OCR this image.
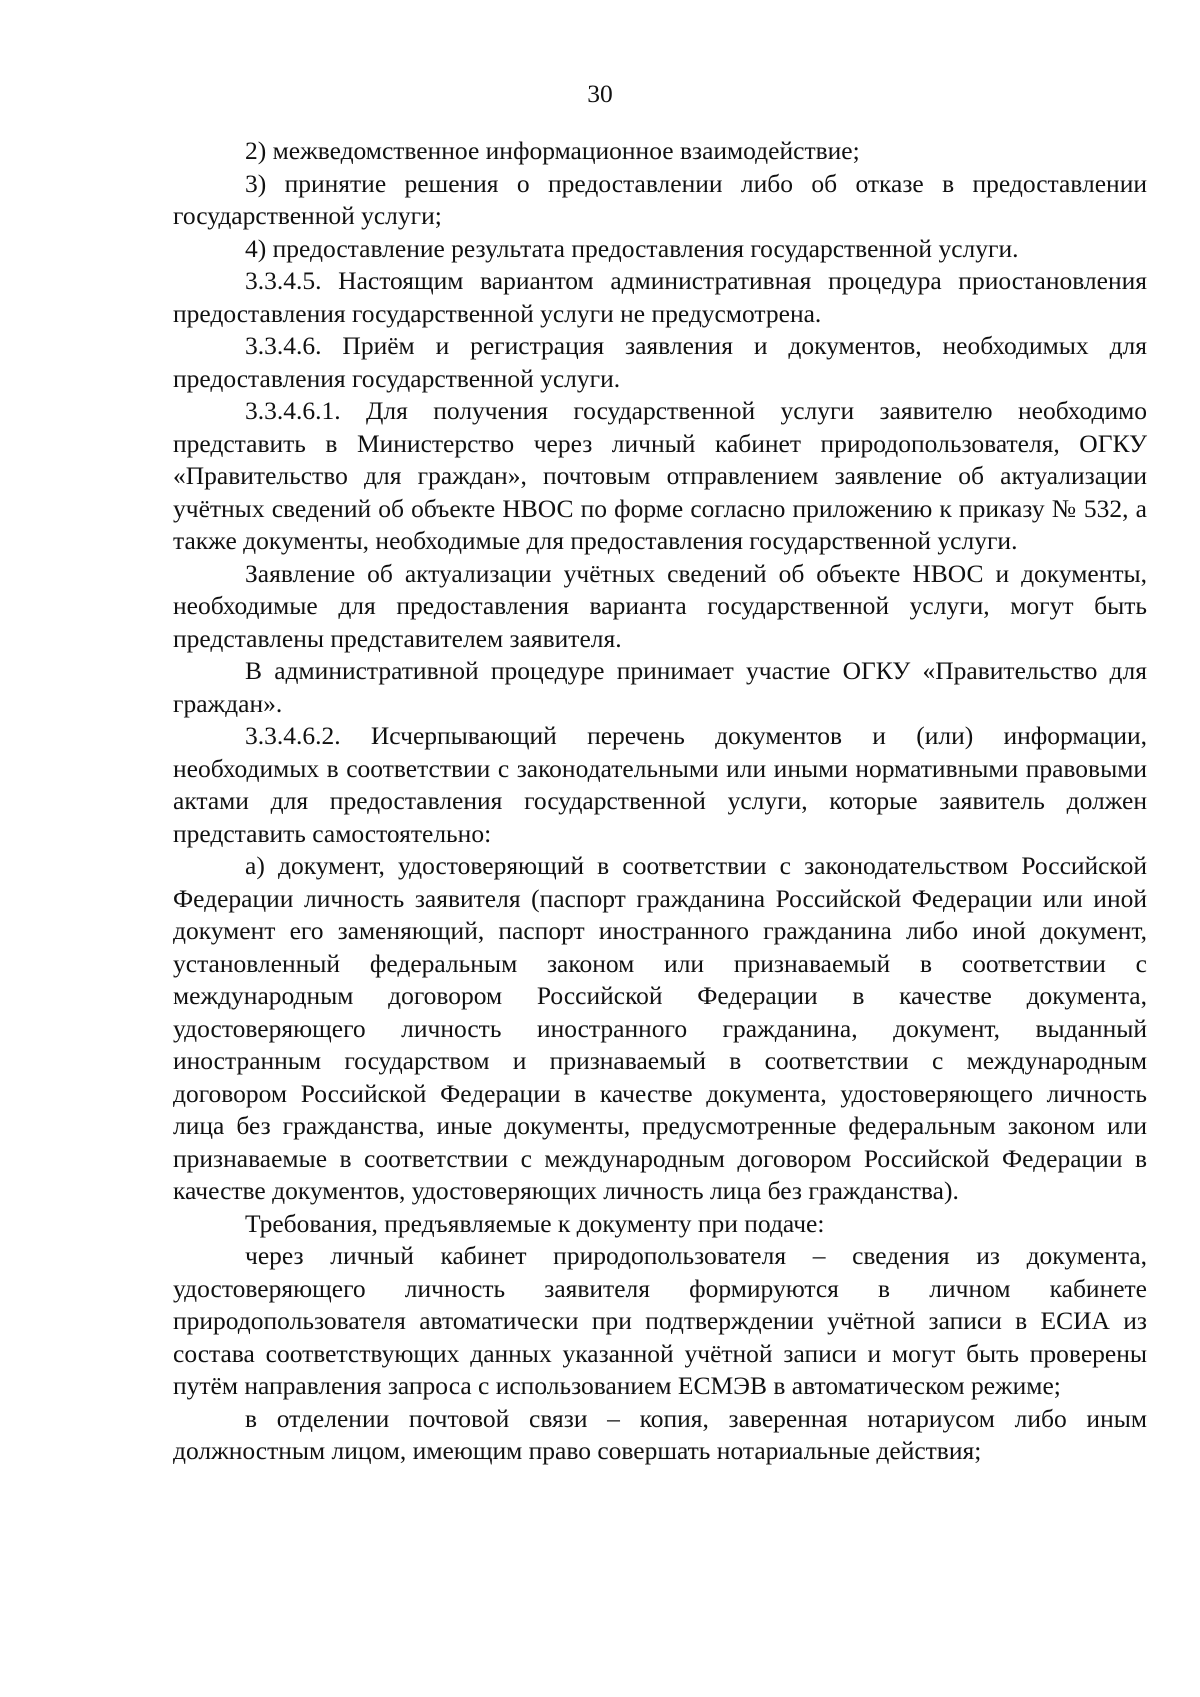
30

2) межведомственное информационное взаимодействие;

3) принятие решения о предоставлении либо об отказе в предоставлении государственной услуги;

4) предоставление результата предоставления государственной услуги.

3.3.4.5. Настоящим вариантом административная процедура приостановления предоставления государственной услуги не предусмотрена.

3.3.4.6. Приём и регистрация заявления и документов, необходимых для предоставления государственной услуги.

3.3.4.6.1. Для получения государственной услуги заявителю необходимо представить в Министерство через личный кабинет природопользователя, ОГКУ «Правительство для граждан», почтовым отправлением заявление об актуализации учётных сведений об объекте НВОС по форме согласно приложению к приказу № 532, а также документы, необходимые для предоставления государственной услуги.

Заявление об актуализации учётных сведений об объекте НВОС и документы, необходимые для предоставления варианта государственной услуги, могут быть представлены представителем заявителя.

В административной процедуре принимает участие ОГКУ «Правительство для граждан».

3.3.4.6.2. Исчерпывающий перечень документов и (или) информации, необходимых в соответствии с законодательными или иными нормативными правовыми актами для предоставления государственной услуги, которые заявитель должен представить самостоятельно:

а) документ, удостоверяющий в соответствии с законодательством Российской Федерации личность заявителя (паспорт гражданина Российской Федерации или иной документ его заменяющий, паспорт иностранного гражданина либо иной документ, установленный федеральным законом или признаваемый в соответствии с международным договором Российской Федерации в качестве документа, удостоверяющего личность иностранного гражданина, документ, выданный иностранным государством и признаваемый в соответствии с международным договором Российской Федерации в качестве документа, удостоверяющего личность лица без гражданства, иные документы, предусмотренные федеральным законом или признаваемые в соответствии с международным договором Российской Федерации в качестве документов, удостоверяющих личность лица без гражданства).

Требования, предъявляемые к документу при подаче:

через личный кабинет природопользователя – сведения из документа, удостоверяющего личность заявителя формируются в личном кабинете природопользователя автоматически при подтверждении учётной записи в ЕСИА из состава соответствующих данных указанной учётной записи и могут быть проверены путём направления запроса с использованием ЕСМЭВ в автоматическом режиме;

в отделении почтовой связи – копия, заверенная нотариусом либо иным должностным лицом, имеющим право совершать нотариальные действия;
